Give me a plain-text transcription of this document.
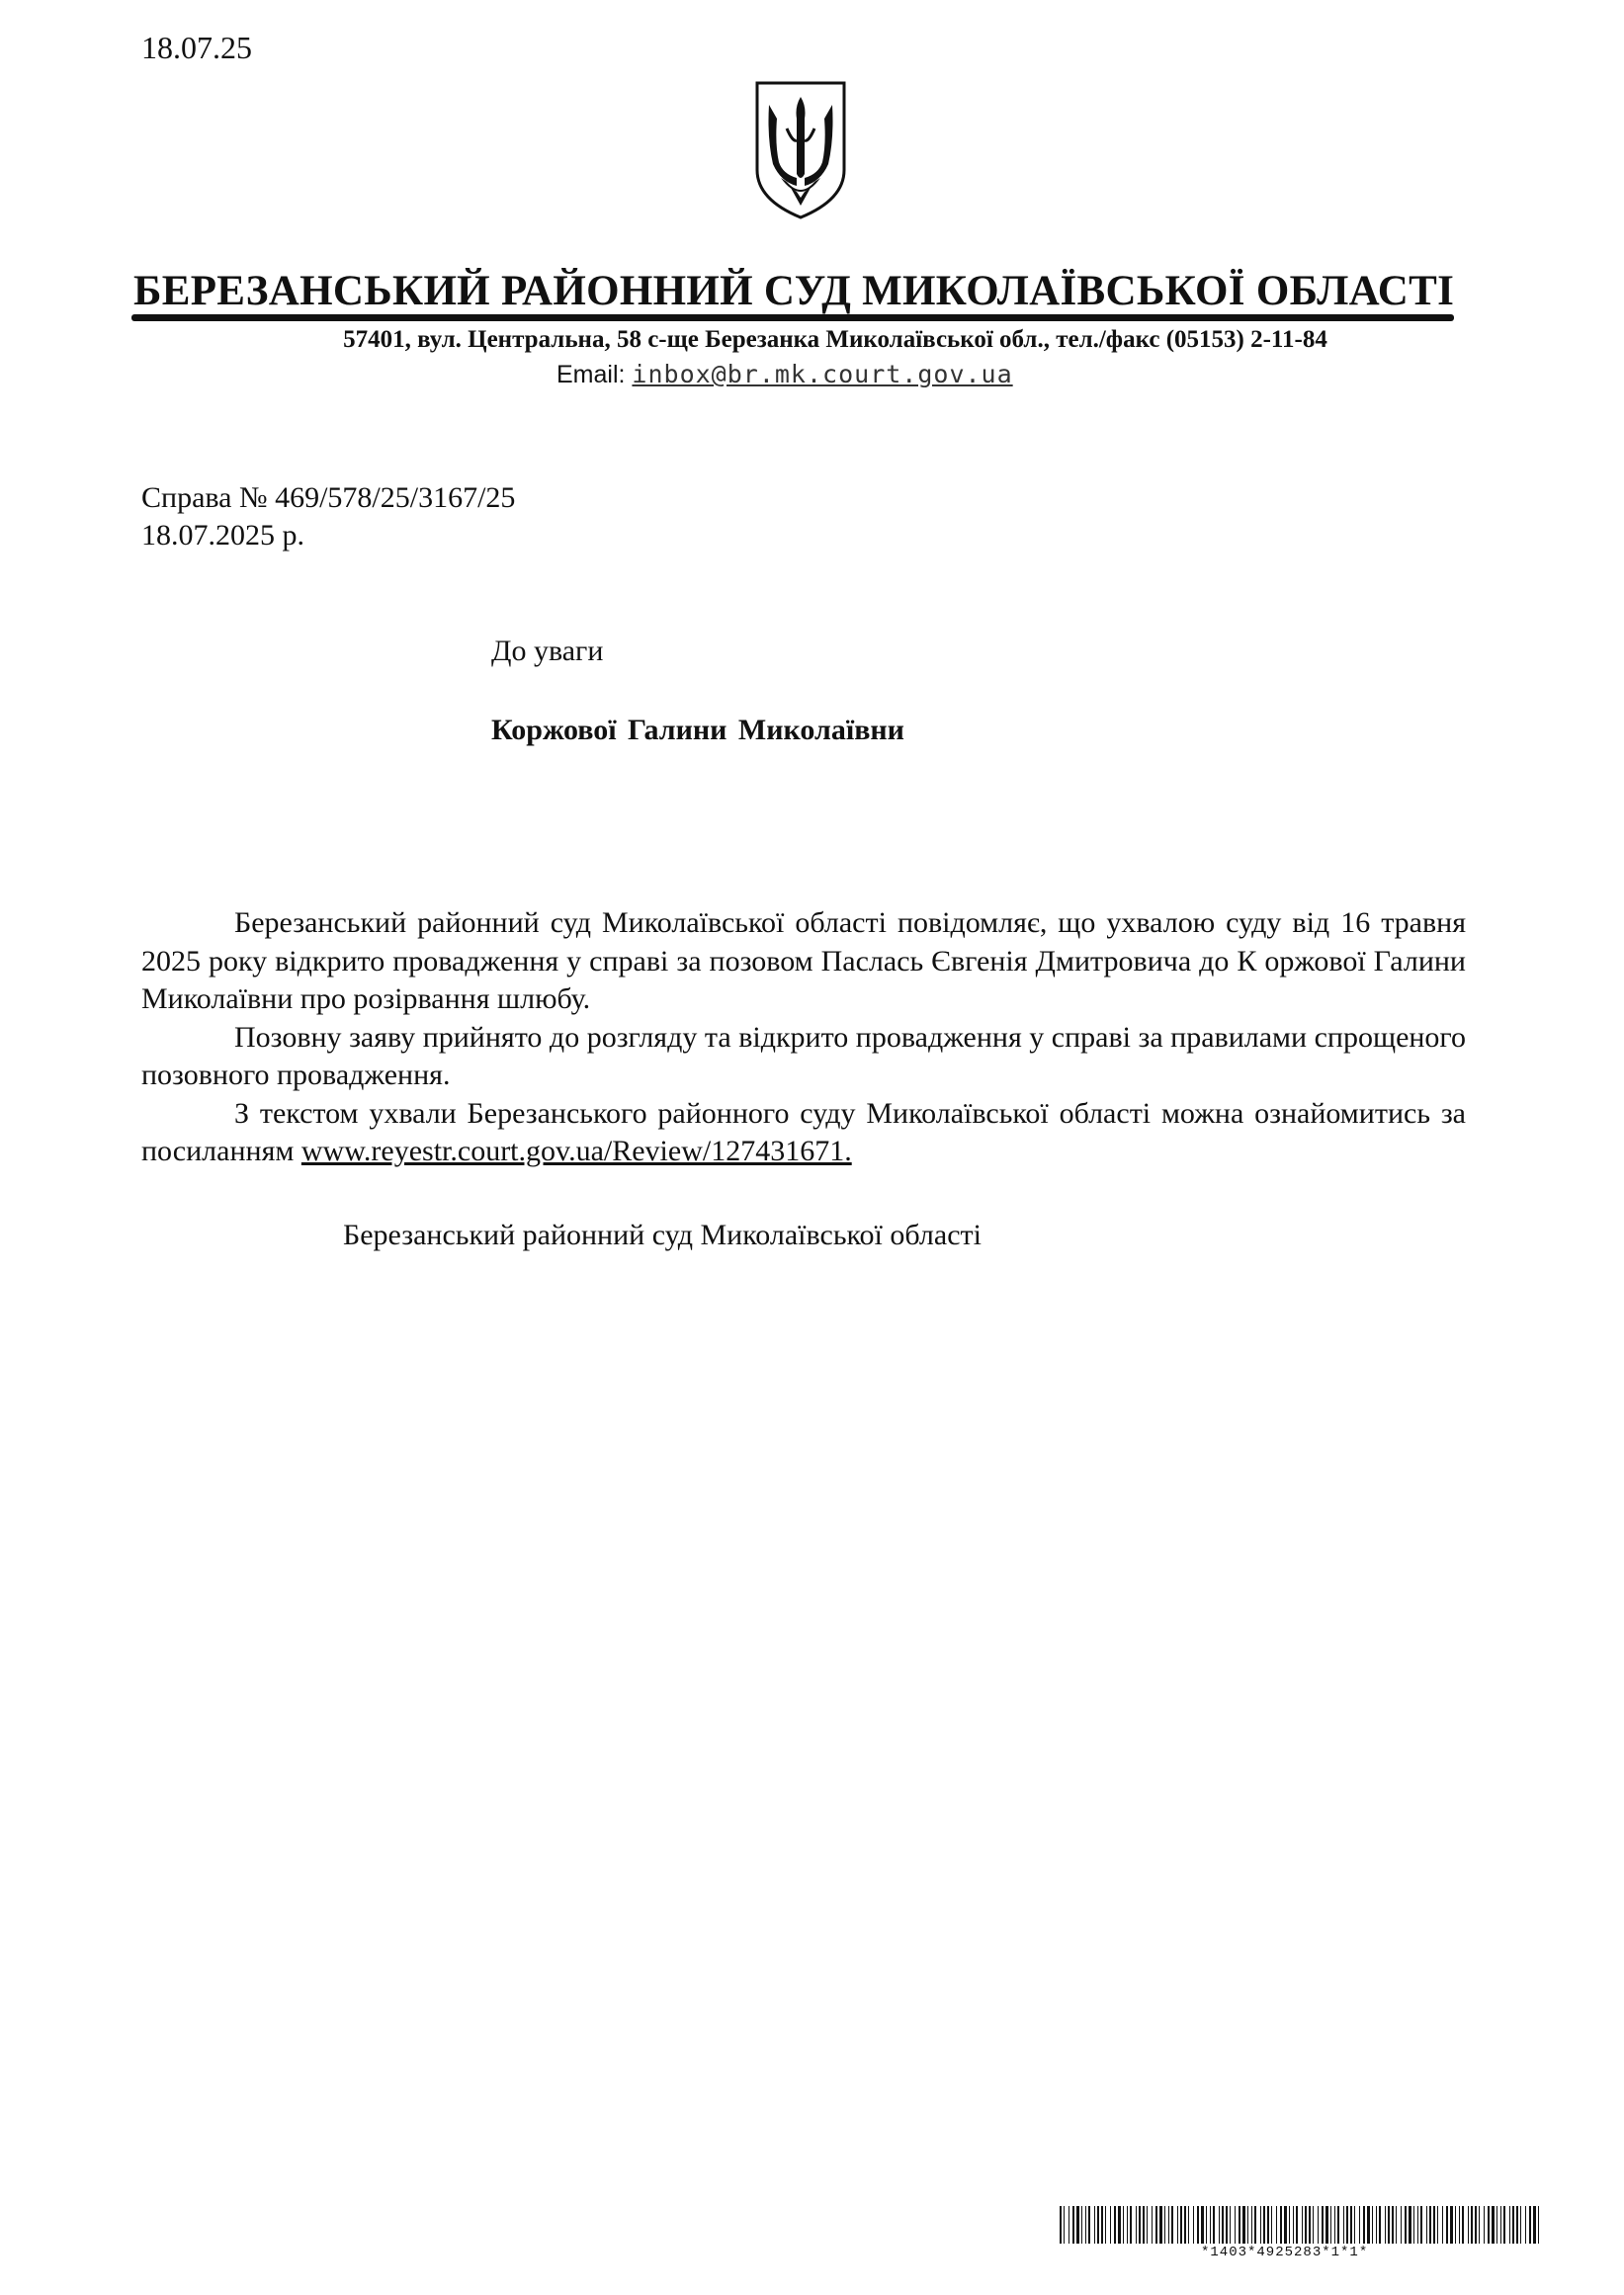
18.07.25
БЕРЕЗАНСЬКИЙ РАЙОННИЙ СУД МИКОЛАЇВСЬКОЇ ОБЛАСТІ
57401, вул. Центральна, 58 с-ще Березанка Миколаївської обл., тел./факс (05153) 2-11-84
Email: inbox@br.mk.court.gov.ua
Справа № 469/578/25/3167/25
18.07.2025 р.
До уваги
Коржової Галини Миколаївни

Березанський районний суд Миколаївської області повідомляє, що ухвалою суду від 16 травня 2025 року відкрито провадження у справі за позовом Паслась Євгенія Дмитровича до К оржової Галини Миколаївни про розірвання шлюбу.

Позовну заяву прийнято до розгляду та відкрито провадження у справі за правилами спрощеного позовного провадження.

З текстом ухвали Березанського районного суду Миколаївської області можна ознайомитись за посиланням www.reyestr.court.gov.ua/Review/127431671.

Березанський районний суд Миколаївської області
*1403*4925283*1*1*
